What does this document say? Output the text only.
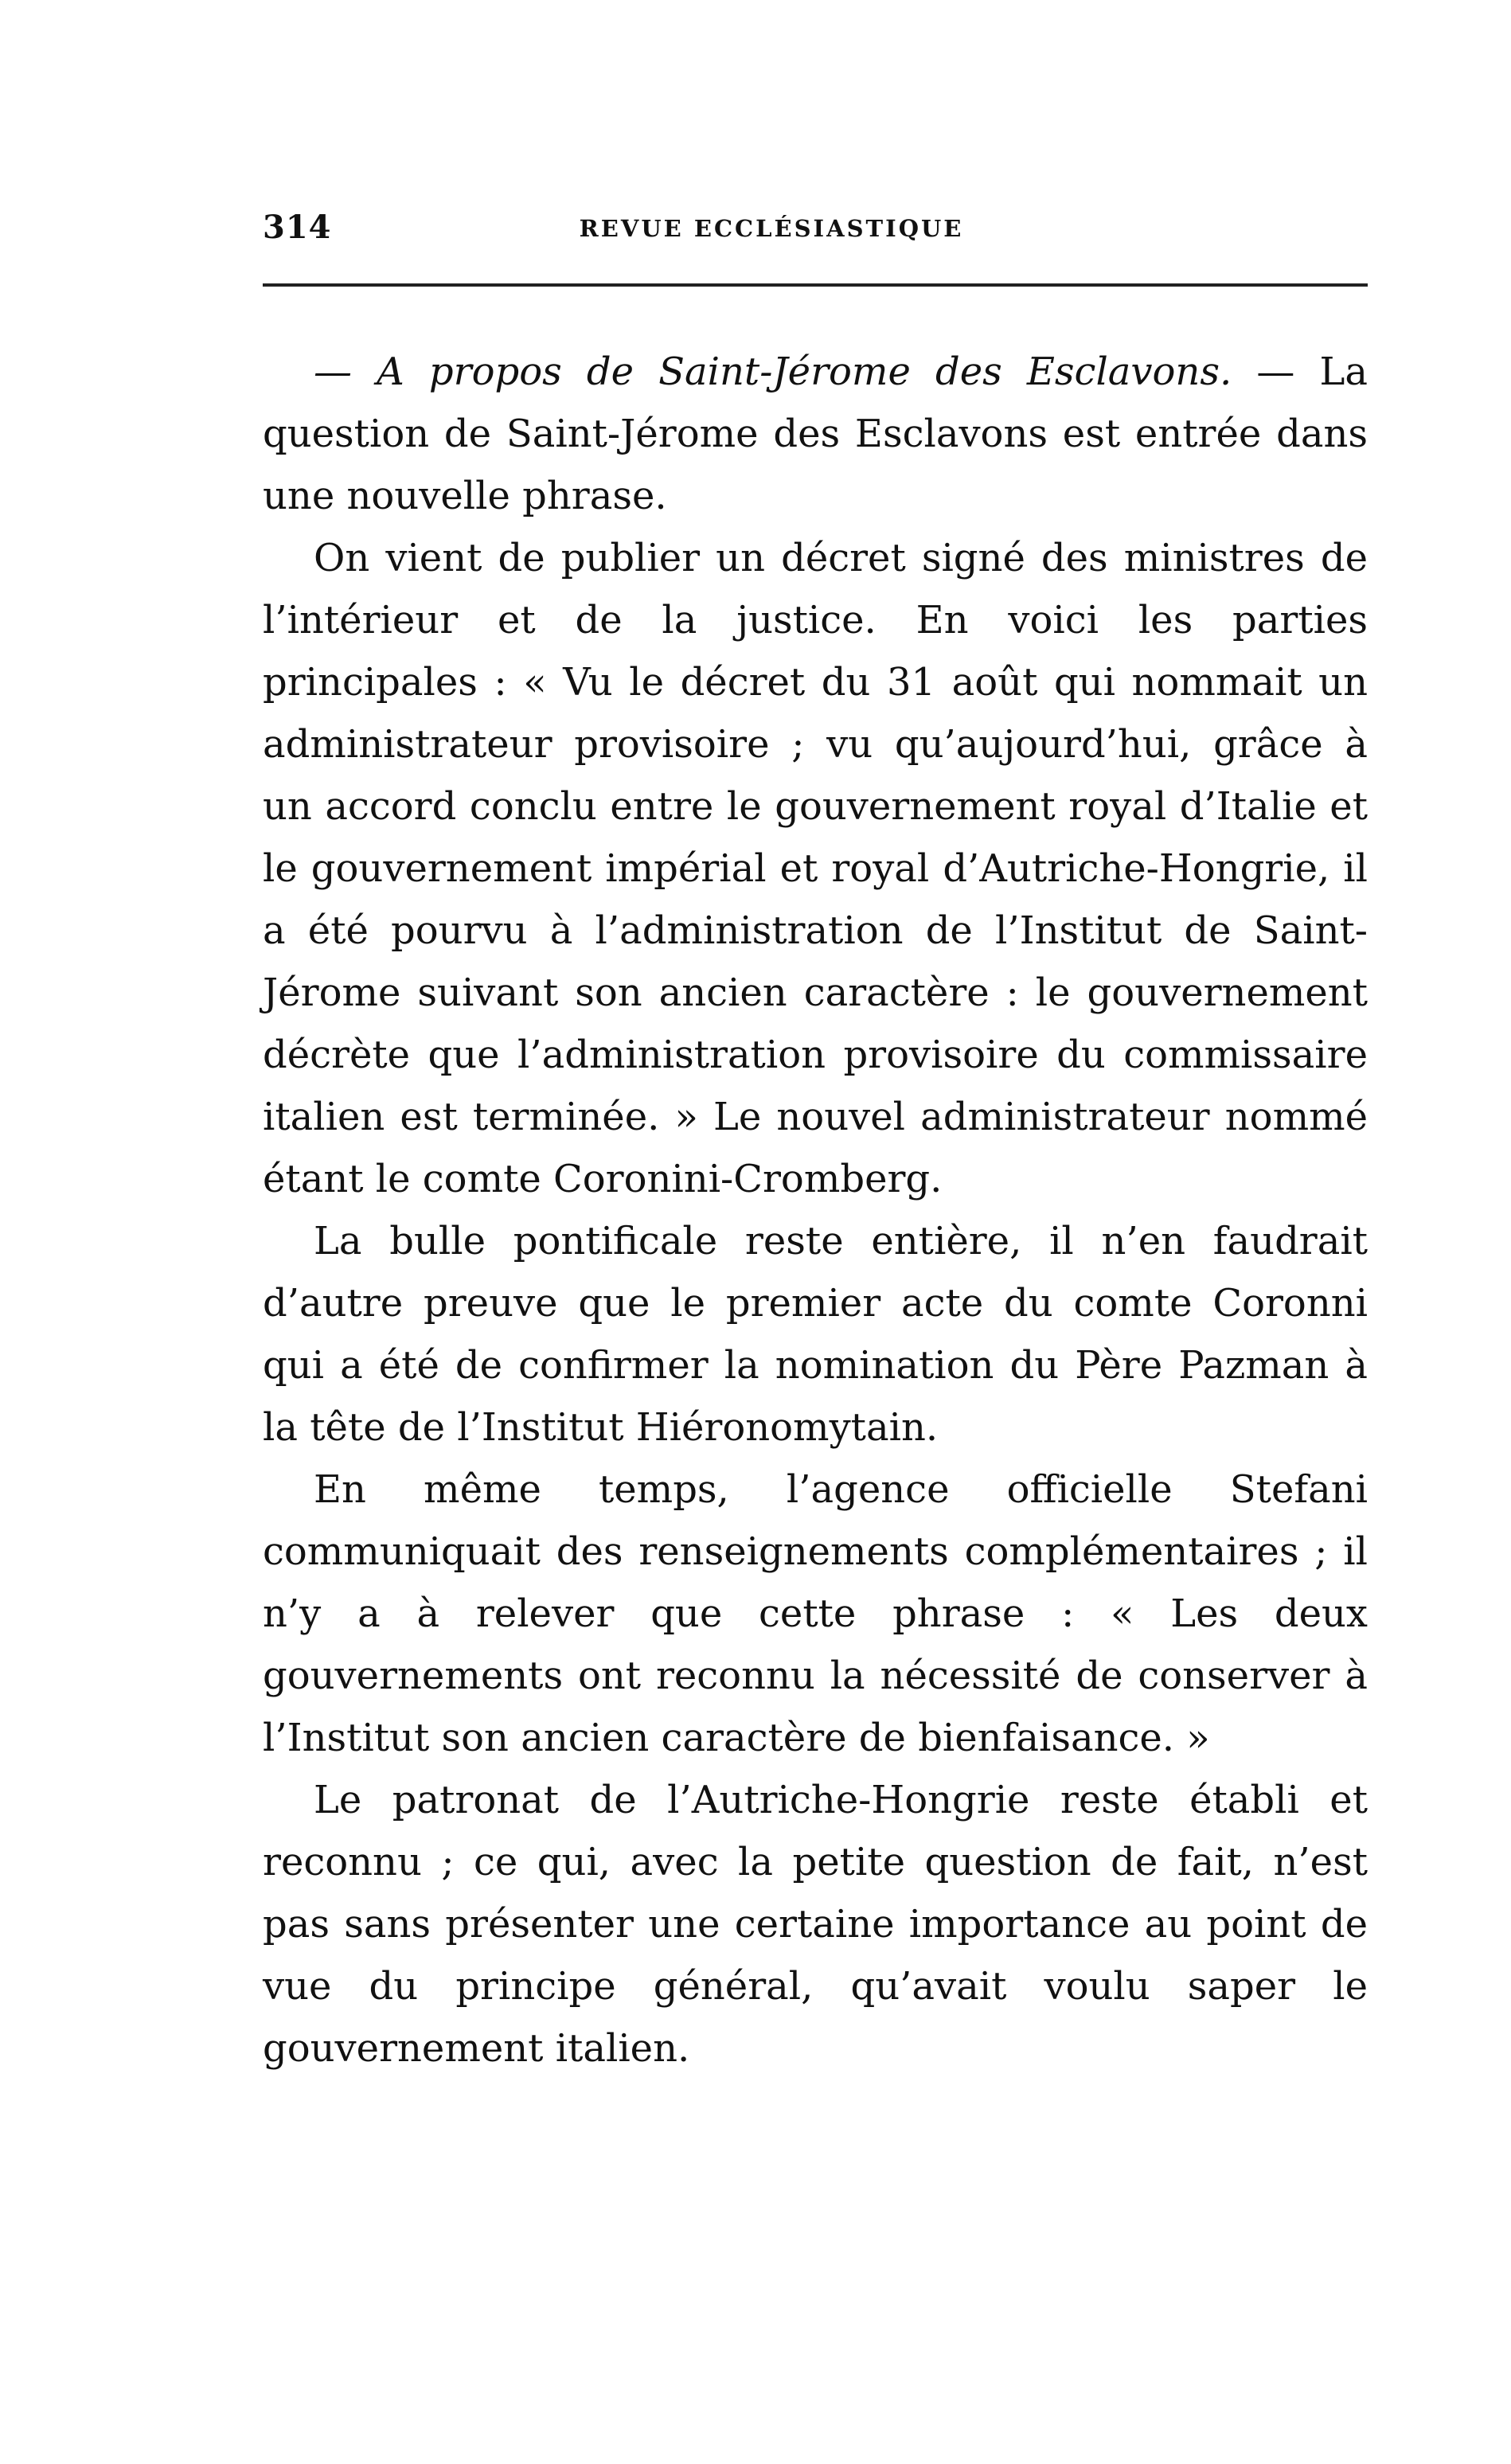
314	REVUE ECCLÉSIASTIQUE

— A propos de Saint-Jérome des Esclavons. — La question de Saint-Jérome des Esclavons est entrée dans une nouvelle phrase.

On vient de publier un décret signé des ministres de l’intérieur et de la justice. En voici les parties principales : « Vu le décret du 31 août qui nommait un administrateur provisoire ; vu qu’aujourd’hui, grâce à un accord conclu entre le gouvernement royal d’Italie et le gouvernement impérial et royal d’Autriche-Hongrie, il a été pourvu à l’administration de l’Institut de Saint-Jérome suivant son ancien caractère : le gouvernement décrète que l’administration provisoire du commissaire italien est terminée. » Le nouvel administrateur nommé étant le comte Coronini-Cromberg.

La bulle pontificale reste entière, il n’en faudrait d’autre preuve que le premier acte du comte Coronni qui a été de confirmer la nomination du Père Pazman à la tête de l’Institut Hiéronomytain.

En même temps, l’agence officielle Stefani communiquait des renseignements complémentaires ; il n’y a à relever que cette phrase : « Les deux gouvernements ont reconnu la nécessité de conserver à l’Institut son ancien caractère de bienfaisance. »

Le patronat de l’Autriche-Hongrie reste établi et reconnu ; ce qui, avec la petite question de fait, n’est pas sans présenter une certaine importance au point de vue du principe général, qu’avait voulu saper le gouvernement italien.
